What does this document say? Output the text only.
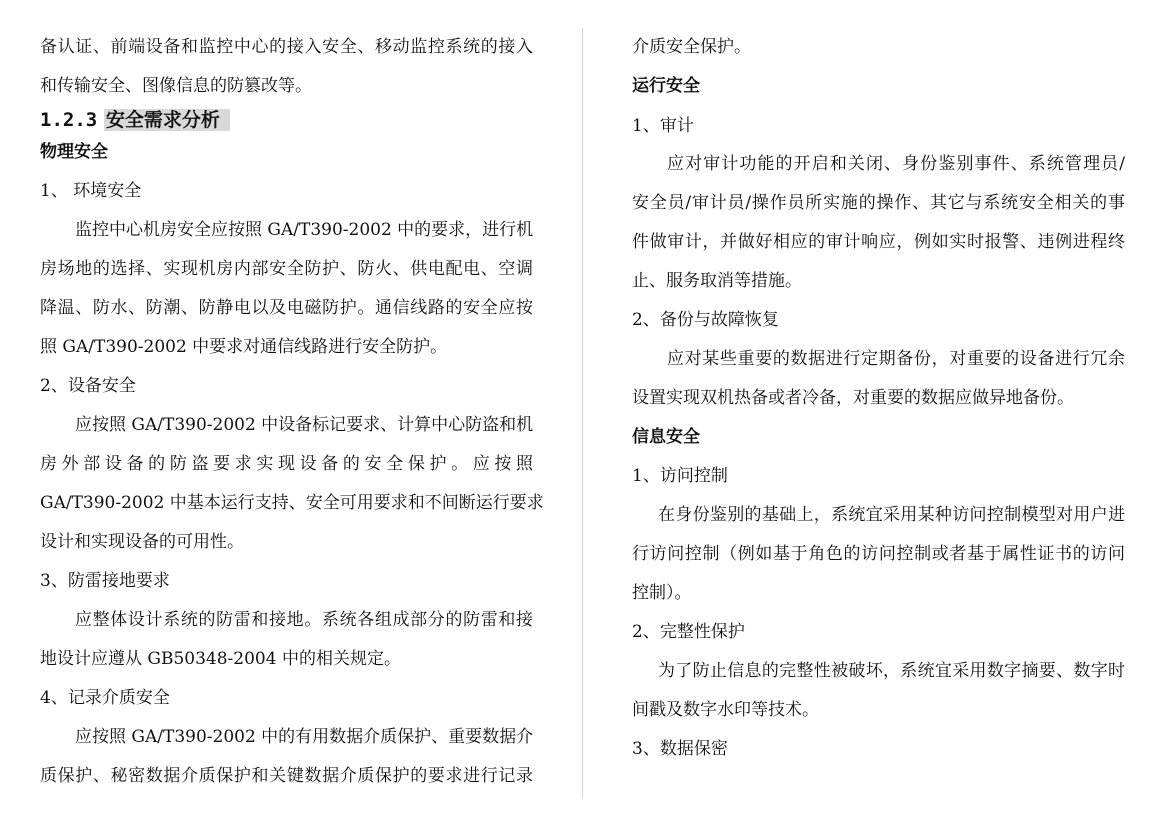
备认证、前端设备和监控中心的接入安全、移动监控系统的接入
和传输安全、图像信息的防篡改等。
1.2.3 安全需求分析
物理安全
1、 环境安全
监控中心机房安全应按照 GA/T390-2002 中的要求，进行机
房场地的选择、实现机房内部安全防护、防火、供电配电、空调
降温、防水、防潮、防静电以及电磁防护。通信线路的安全应按
照 GA/T390-2002 中要求对通信线路进行安全防护。
2、设备安全
应按照 GA/T390-2002 中设备标记要求、计算中心防盗和机
房外部设备的防盗要求实现设备的安全保护。应按照
GA/T390-2002 中基本运行支持、安全可用要求和不间断运行要求
设计和实现设备的可用性。
3、防雷接地要求
应整体设计系统的防雷和接地。系统各组成部分的防雷和接
地设计应遵从 GB50348-2004 中的相关规定。
4、记录介质安全
应按照 GA/T390-2002 中的有用数据介质保护、重要数据介
质保护、秘密数据介质保护和关键数据介质保护的要求进行记录
介质安全保护。
运行安全
1、审计
应对审计功能的开启和关闭、身份鉴别事件、系统管理员/
安全员/审计员/操作员所实施的操作、其它与系统安全相关的事
件做审计，并做好相应的审计响应，例如实时报警、违例进程终
止、服务取消等措施。
2、备份与故障恢复
应对某些重要的数据进行定期备份，对重要的设备进行冗余
设置实现双机热备或者冷备，对重要的数据应做异地备份。
信息安全
1、访问控制
在身份鉴别的基础上，系统宜采用某种访问控制模型对用户进
行访问控制（例如基于角色的访问控制或者基于属性证书的访问
控制）。
2、完整性保护
为了防止信息的完整性被破坏，系统宜采用数字摘要、数字时
间戳及数字水印等技术。
3、数据保密
